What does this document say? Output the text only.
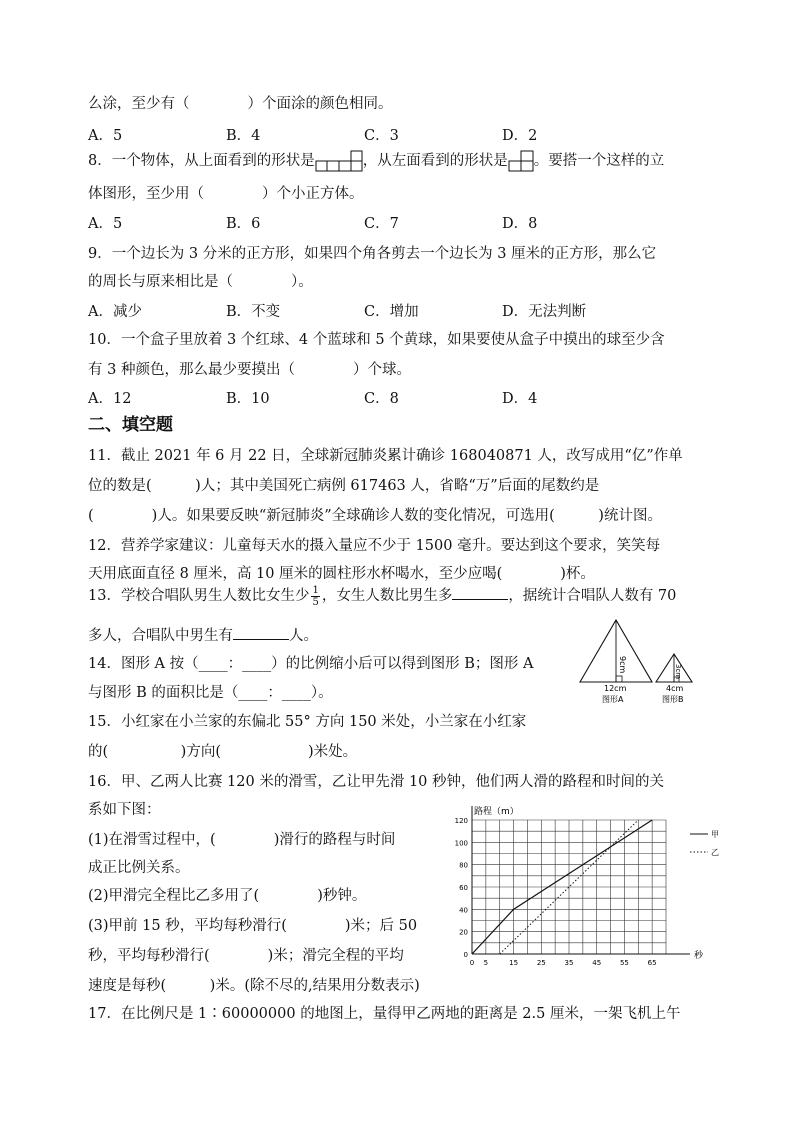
么涂，至少有（　　　　）个面涂的颜色相同。
A．5	B．4	C．3	D．2
8．一个物体，从上面看到的形状是	，从左面看到的形状是 。要搭一个这样的立
体图形，至少用（　　　　）个小正方体。
A．5	B．6	C．7	D．8
9．一个边长为 3 分米的正方形，如果四个角各剪去一个边长为 3 厘米的正方形，那么它
的周长与原来相比是（　　　　）。
A．减少	B．不变	C．增加	D．无法判断
10．一个盒子里放着 3 个红球、4 个蓝球和 5 个黄球，如果要使从盒子中摸出的球至少含
有 3 种颜色，那么最少要摸出（　　　　）个球。
A．12	B．10	C．8	D．4
二、填空题
11．截止 2021 年 6 月 22 日，全球新冠肺炎累计确诊 168040871 人，改写成用“亿”作单
位的数是(　　　)人；其中美国死亡病例 617463 人，省略“万”后面的尾数约是
(　　　　)人。如果要反映“新冠肺炎”全球确诊人数的变化情况，可选用(　　　)统计图。
12．营养学家建议：儿童每天水的摄入量应不少于 1500 毫升。要达到这个要求，笑笑每
天用底面直径 8 厘米，高 10 厘米的圆柱形水杯喝水，至少应喝(　　　　)杯。
13．学校合唱队男生人数比女生少 $\frac{1}{5}$ ，女生人数比男生多	，据统计合唱队人数有 70
多人，合唱队中男生有	人。
14．图形 A 按（____：____）的比例缩小后可以得到图形 B；图形 A
与图形 B 的面积比是（____：____）。
9cm
12cm
图形A
3cm
4cm
图形B
15．小红家在小兰家的东偏北 55° 方向 150 米处，小兰家在小红家
的(　　　　　)方向(　　　　　　)米处。
16．甲、乙两人比赛 120 米的滑雪，乙让甲先滑 10 秒钟，他们两人滑的路程和时间的关
系如下图：
(1)在滑雪过程中，(　　　　)滑行的路程与时间
成正比例关系。
(2)甲滑完全程比乙多用了(　　　　)秒钟。
(3)甲前 15 秒，平均每秒滑行(　　　　)米；后 50
秒，平均每秒滑行(　　　　)米；滑完全程的平均
速度是每秒(　　　)米。(除不尽的,结果用分数表示)
路程（m）
秒
0 5	15	25	35	45	55	65
0
20
40
60
80
100
120
甲
乙
17．在比例尺是 1∶60000000 的地图上，量得甲乙两地的距离是 2.5 厘米，一架飞机上午
